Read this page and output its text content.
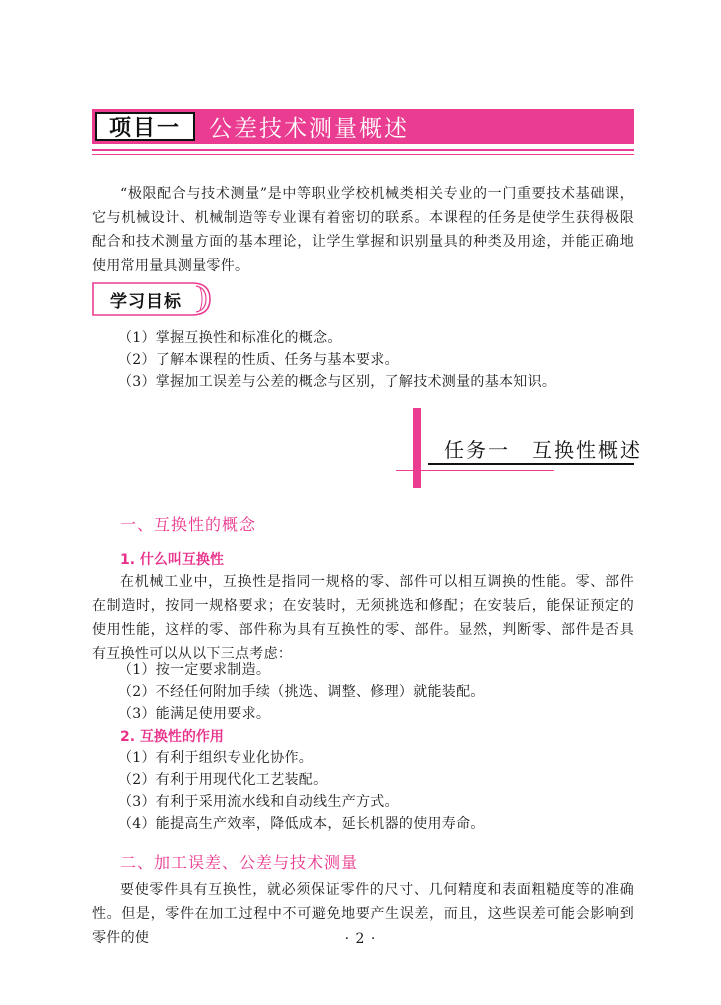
项目一	公差技术测量概述

“极限配合与技术测量”是中等职业学校机械类相关专业的一门重要技术基础课，它与机械设计、机械制造等专业课有着密切的联系。本课程的任务是使学生获得极限配合和技术测量方面的基本理论，让学生掌握和识别量具的种类及用途，并能正确地使用常用量具测量零件。

学习目标

（1）掌握互换性和标准化的概念。

（2）了解本课程的性质、任务与基本要求。

（3）掌握加工误差与公差的概念与区别，了解技术测量的基本知识。

任务一　互换性概述

一、互换性的概念

1. 什么叫互换性

在机械工业中，互换性是指同一规格的零、部件可以相互调换的性能。零、部件在制造时，按同一规格要求；在安装时，无须挑选和修配；在安装后，能保证预定的使用性能，这样的零、部件称为具有互换性的零、部件。显然，判断零、部件是否具有互换性可以从以下三点考虑：

（1）按一定要求制造。

（2）不经任何附加手续（挑选、调整、修理）就能装配。

（3）能满足使用要求。

2. 互换性的作用

（1）有利于组织专业化协作。

（2）有利于用现代化工艺装配。

（3）有利于采用流水线和自动线生产方式。

（4）能提高生产效率，降低成本，延长机器的使用寿命。

二、加工误差、公差与技术测量

要使零件具有互换性，就必须保证零件的尺寸、几何精度和表面粗糙度等的准确性。但是，零件在加工过程中不可避免地要产生误差，而且，这些误差可能会影响到零件的使	· 2 ·
